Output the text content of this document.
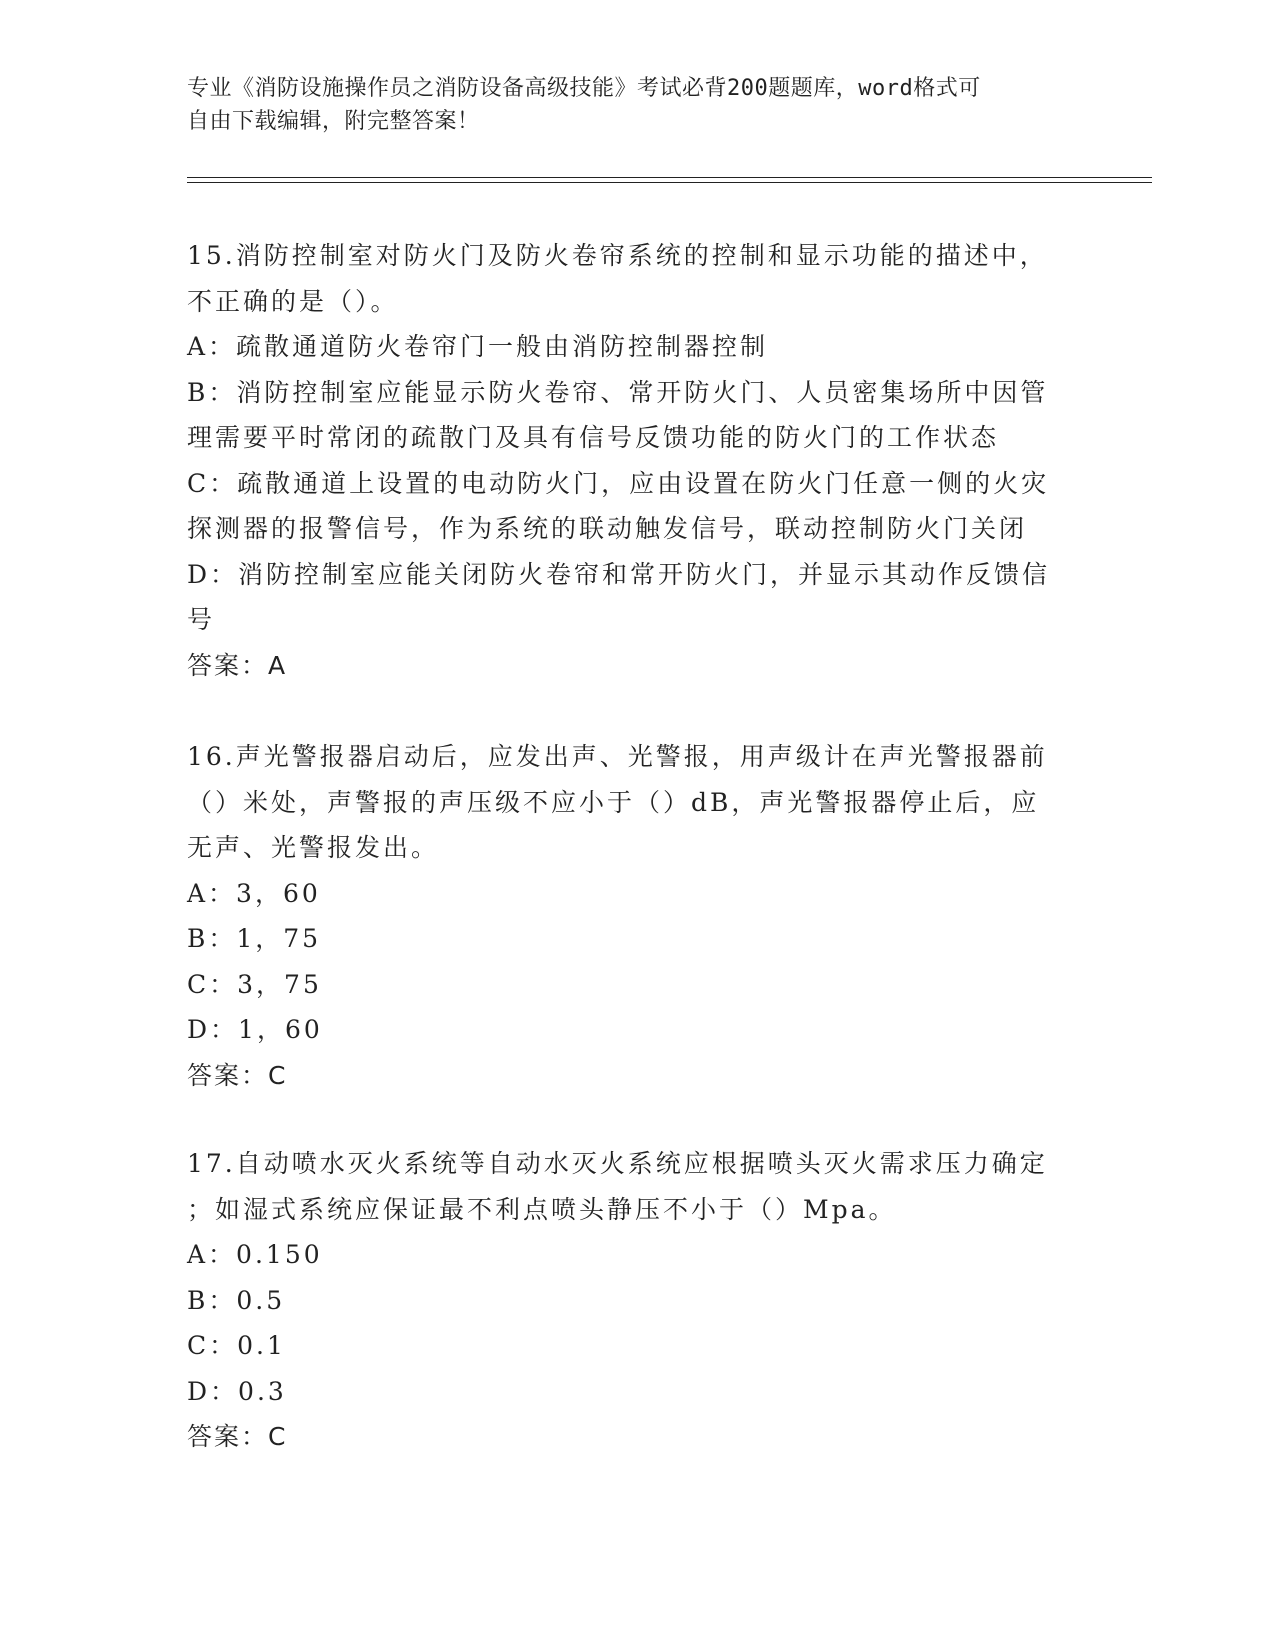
专业《消防设施操作员之消防设备高级技能》考试必背200题题库，word格式可
自由下载编辑，附完整答案！
15.消防控制室对防火门及防火卷帘系统的控制和显示功能的描述中，
不正确的是（）。
A：疏散通道防火卷帘门一般由消防控制器控制
B：消防控制室应能显示防火卷帘、常开防火门、人员密集场所中因管
理需要平时常闭的疏散门及具有信号反馈功能的防火门的工作状态
C：疏散通道上设置的电动防火门，应由设置在防火门任意一侧的火灾
探测器的报警信号，作为系统的联动触发信号，联动控制防火门关闭
D：消防控制室应能关闭防火卷帘和常开防火门，并显示其动作反馈信
号
答案：A
16.声光警报器启动后，应发出声、光警报，用声级计在声光警报器前
（）米处，声警报的声压级不应小于（）dB，声光警报器停止后，应
无声、光警报发出。
A：3，60
B：1，75
C：3，75
D：1，60
答案：C
17.自动喷水灭火系统等自动水灭火系统应根据喷头灭火需求压力确定
；如湿式系统应保证最不利点喷头静压不小于（）Mpa。
A：0.150
B：0.5
C：0.1
D：0.3
答案：C
